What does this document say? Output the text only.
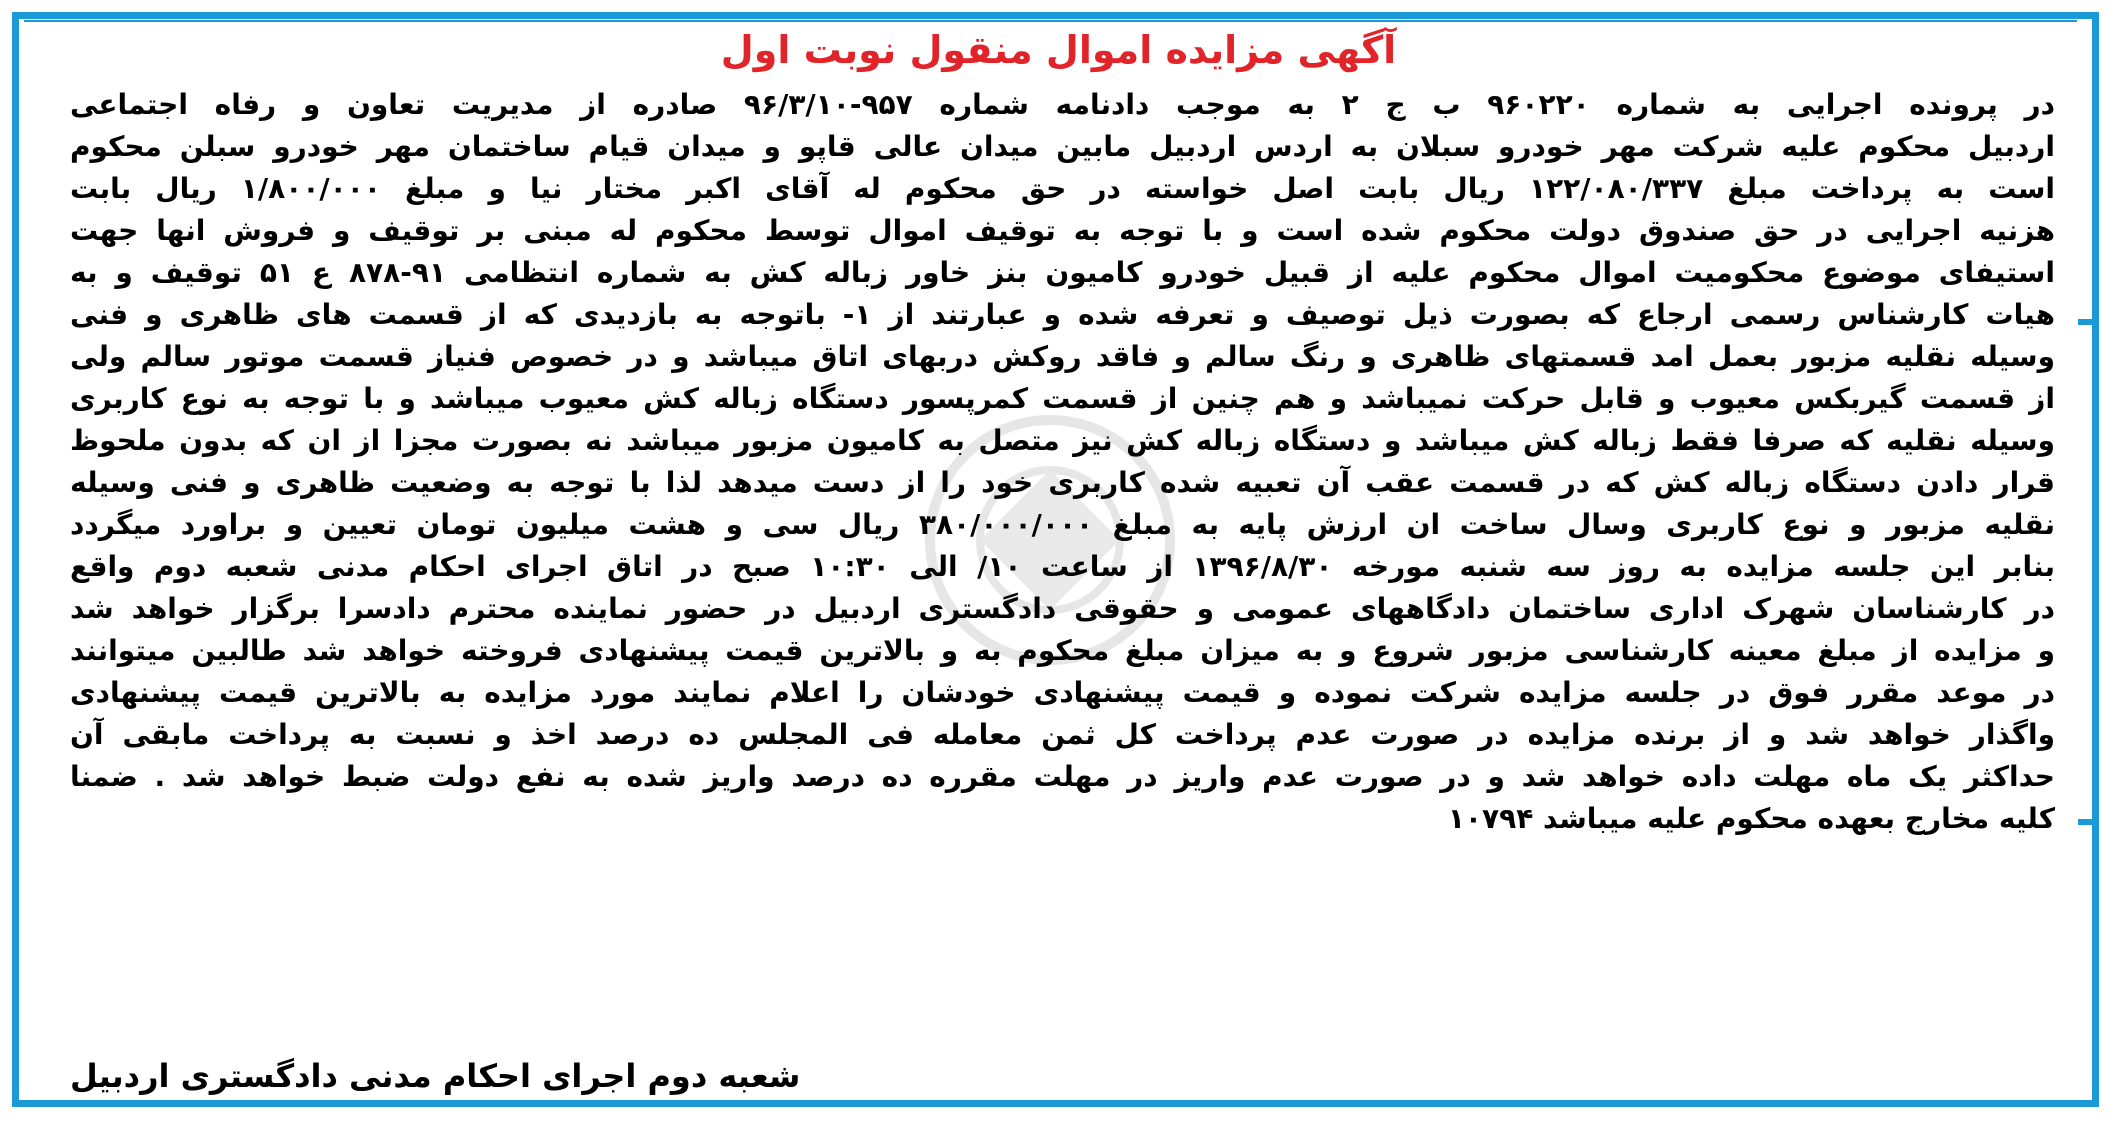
آگهی مزایده اموال منقول نوبت اول
در پرونده اجرایی به شماره ۹۶۰۲۲۰ ب ج ۲ به موجب دادنامه شماره ۹۵۷-۹۶/۳/۱۰ صادره از مدیریت تعاون و رفاه اجتماعی
اردبیل محکوم علیه شرکت مهر خودرو سبلان به اردس اردبیل مابین میدان عالی قاپو و میدان قیام ساختمان مهر خودرو سبلن محکوم
است به پرداخت مبلغ ۱۲۲/۰۸۰/۳۳۷ ریال بابت اصل خواسته در حق محکوم له آقای اکبر مختار نیا و مبلغ ۱/۸۰۰/۰۰۰ ریال بابت
هزنیه اجرایی در حق صندوق دولت محکوم شده است و با توجه به توقیف اموال توسط محکوم له مبنی بر توقیف و فروش انها جهت
استیفای موضوع محکومیت اموال محکوم علیه از قبیل خودرو کامیون بنز خاور زباله کش به شماره انتظامی ۹۱-۸۷۸ ع ۵۱ توقیف و به
هیات کارشناس رسمی ارجاع که بصورت ذیل توصیف و تعرفه شده و عبارتند از ۱- باتوجه به بازدیدی که از قسمت های ظاهری و فنی
وسیله نقلیه مزبور بعمل امد قسمتهای ظاهری و رنگ سالم و فاقد روکش دربهای اتاق میباشد و در خصوص فنیاز قسمت موتور سالم ولی
از قسمت گیربکس معیوب و قابل حرکت نمیباشد و هم چنین از قسمت کمرپسور دستگاه زباله کش معیوب میباشد و با توجه به نوع کاربری
وسیله نقلیه که صرفا فقط زباله کش میباشد و دستگاه زباله کش نیز متصل به کامیون مزبور میباشد نه بصورت مجزا از ان که بدون ملحوظ
قرار دادن دستگاه زباله کش که در قسمت عقب آن تعبیه شده کاربری خود را از دست میدهد لذا با توجه به وضعیت ظاهری و فنی وسیله
نقلیه مزبور و نوع کاربری وسال ساخت ان ارزش پایه به مبلغ ۳۸۰/۰۰۰/۰۰۰ ریال سی و هشت میلیون تومان تعیین و براورد میگردد
بنابر این جلسه مزایده به روز سه شنبه مورخه ۱۳۹۶/۸/۳۰ از ساعت ۱۰/ الی ۱۰:۳۰ صبح در اتاق اجرای احکام مدنی شعبه دوم واقع
در کارشناسان شهرک اداری ساختمان دادگاههای عمومی و حقوقی دادگستری اردبیل در حضور نماینده محترم دادسرا برگزار خواهد شد
و مزایده از مبلغ معینه کارشناسی مزبور شروع و به میزان مبلغ محکوم به و بالاترین قیمت پیشنهادی فروخته خواهد شد طالبین میتوانند
در موعد مقرر فوق در جلسه مزایده شرکت نموده و قیمت پیشنهادی خودشان را اعلام نمایند مورد مزایده به بالاترین قیمت پیشنهادی
واگذار خواهد شد و از برنده مزایده در صورت عدم پرداخت کل ثمن معامله فی المجلس ده درصد اخذ و نسبت به پرداخت مابقی آن
حداکثر یک ماه مهلت داده خواهد شد و در صورت عدم واریز در مهلت مقرره ده درصد واریز شده به نفع دولت ضبط خواهد شد . ضمنا
کلیه مخارج بعهده محکوم علیه میباشد ۱۰۷۹۴
شعبه دوم اجرای احکام مدنی دادگستری اردبیل
